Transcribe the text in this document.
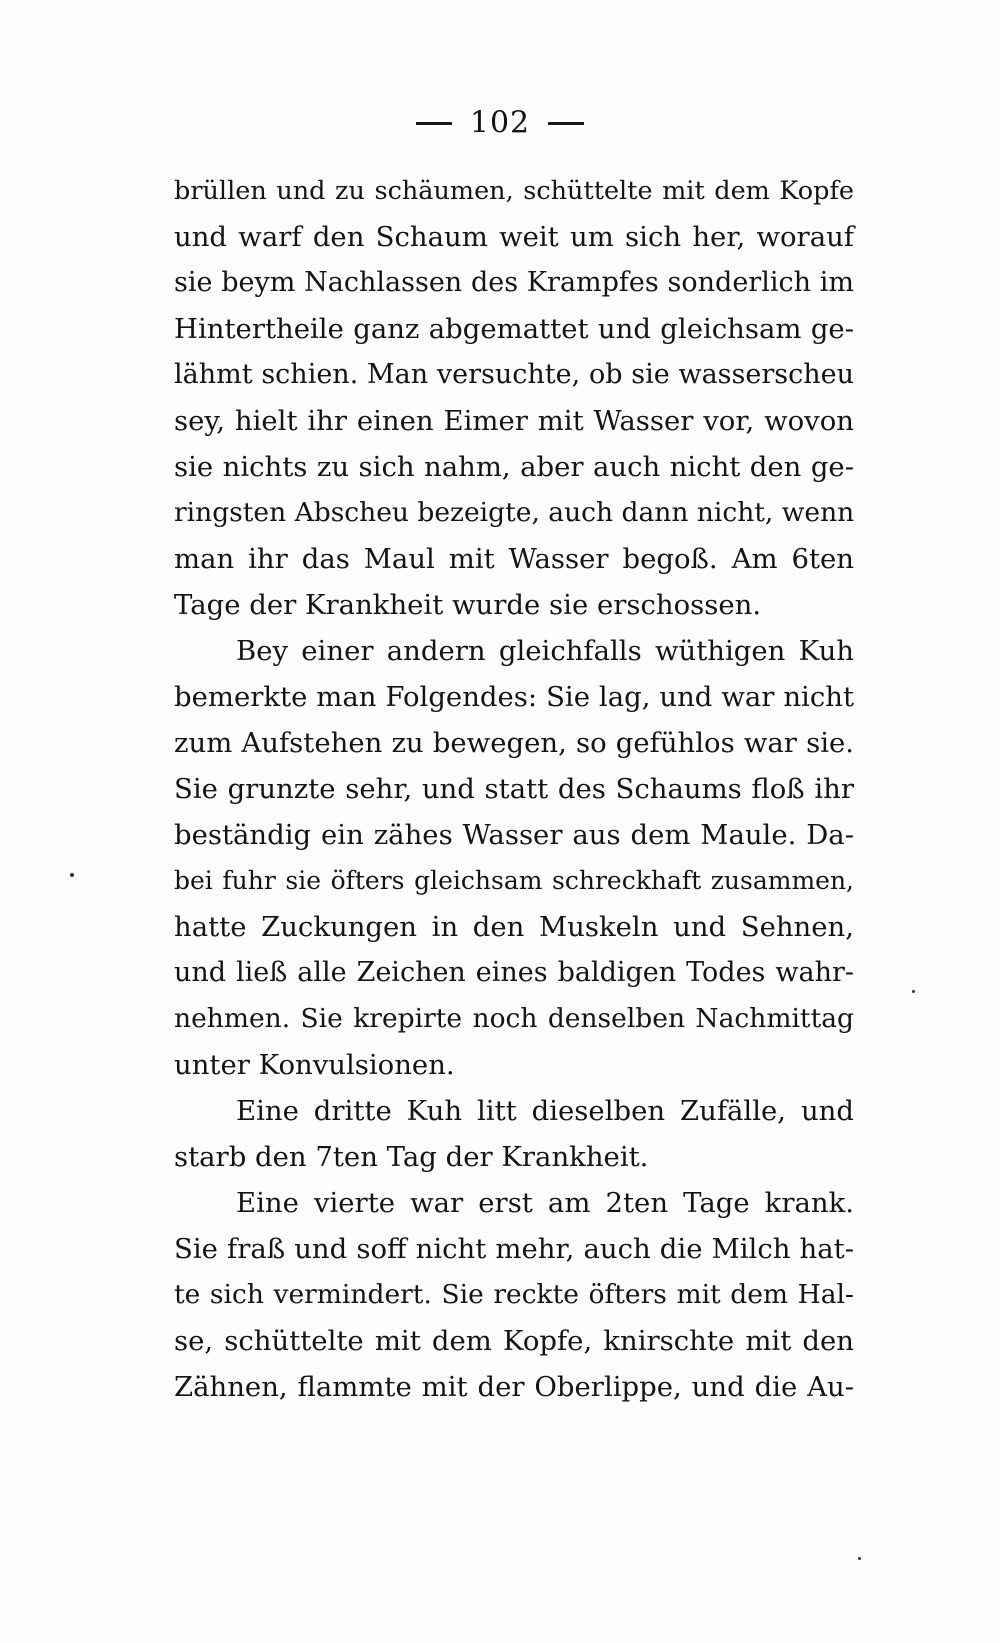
102
brüllen und zu schäumen, schüttelte mit dem Kopfe
und warf den Schaum weit um sich her, worauf
sie beym Nachlassen des Krampfes sonderlich im
Hintertheile ganz abgemattet und gleichsam ge-
lähmt schien. Man versuchte, ob sie wasserscheu
sey, hielt ihr einen Eimer mit Wasser vor, wovon
sie nichts zu sich nahm, aber auch nicht den ge-
ringsten Abscheu bezeigte, auch dann nicht, wenn
man ihr das Maul mit Wasser begoß. Am 6ten
Tage der Krankheit wurde sie erschossen.
Bey einer andern gleichfalls wüthigen Kuh
bemerkte man Folgendes: Sie lag, und war nicht
zum Aufstehen zu bewegen, so gefühlos war sie.
Sie grunzte sehr, und statt des Schaums floß ihr
beständig ein zähes Wasser aus dem Maule. Da-
bei fuhr sie öfters gleichsam schreckhaft zusammen,
hatte Zuckungen in den Muskeln und Sehnen,
und ließ alle Zeichen eines baldigen Todes wahr-
nehmen. Sie krepirte noch denselben Nachmittag
unter Konvulsionen.
Eine dritte Kuh litt dieselben Zufälle, und
starb den 7ten Tag der Krankheit.
Eine vierte war erst am 2ten Tage krank.
Sie fraß und soff nicht mehr, auch die Milch hat-
te sich vermindert. Sie reckte öfters mit dem Hal-
se, schüttelte mit dem Kopfe, knirschte mit den
Zähnen, flammte mit der Oberlippe, und die Au-
